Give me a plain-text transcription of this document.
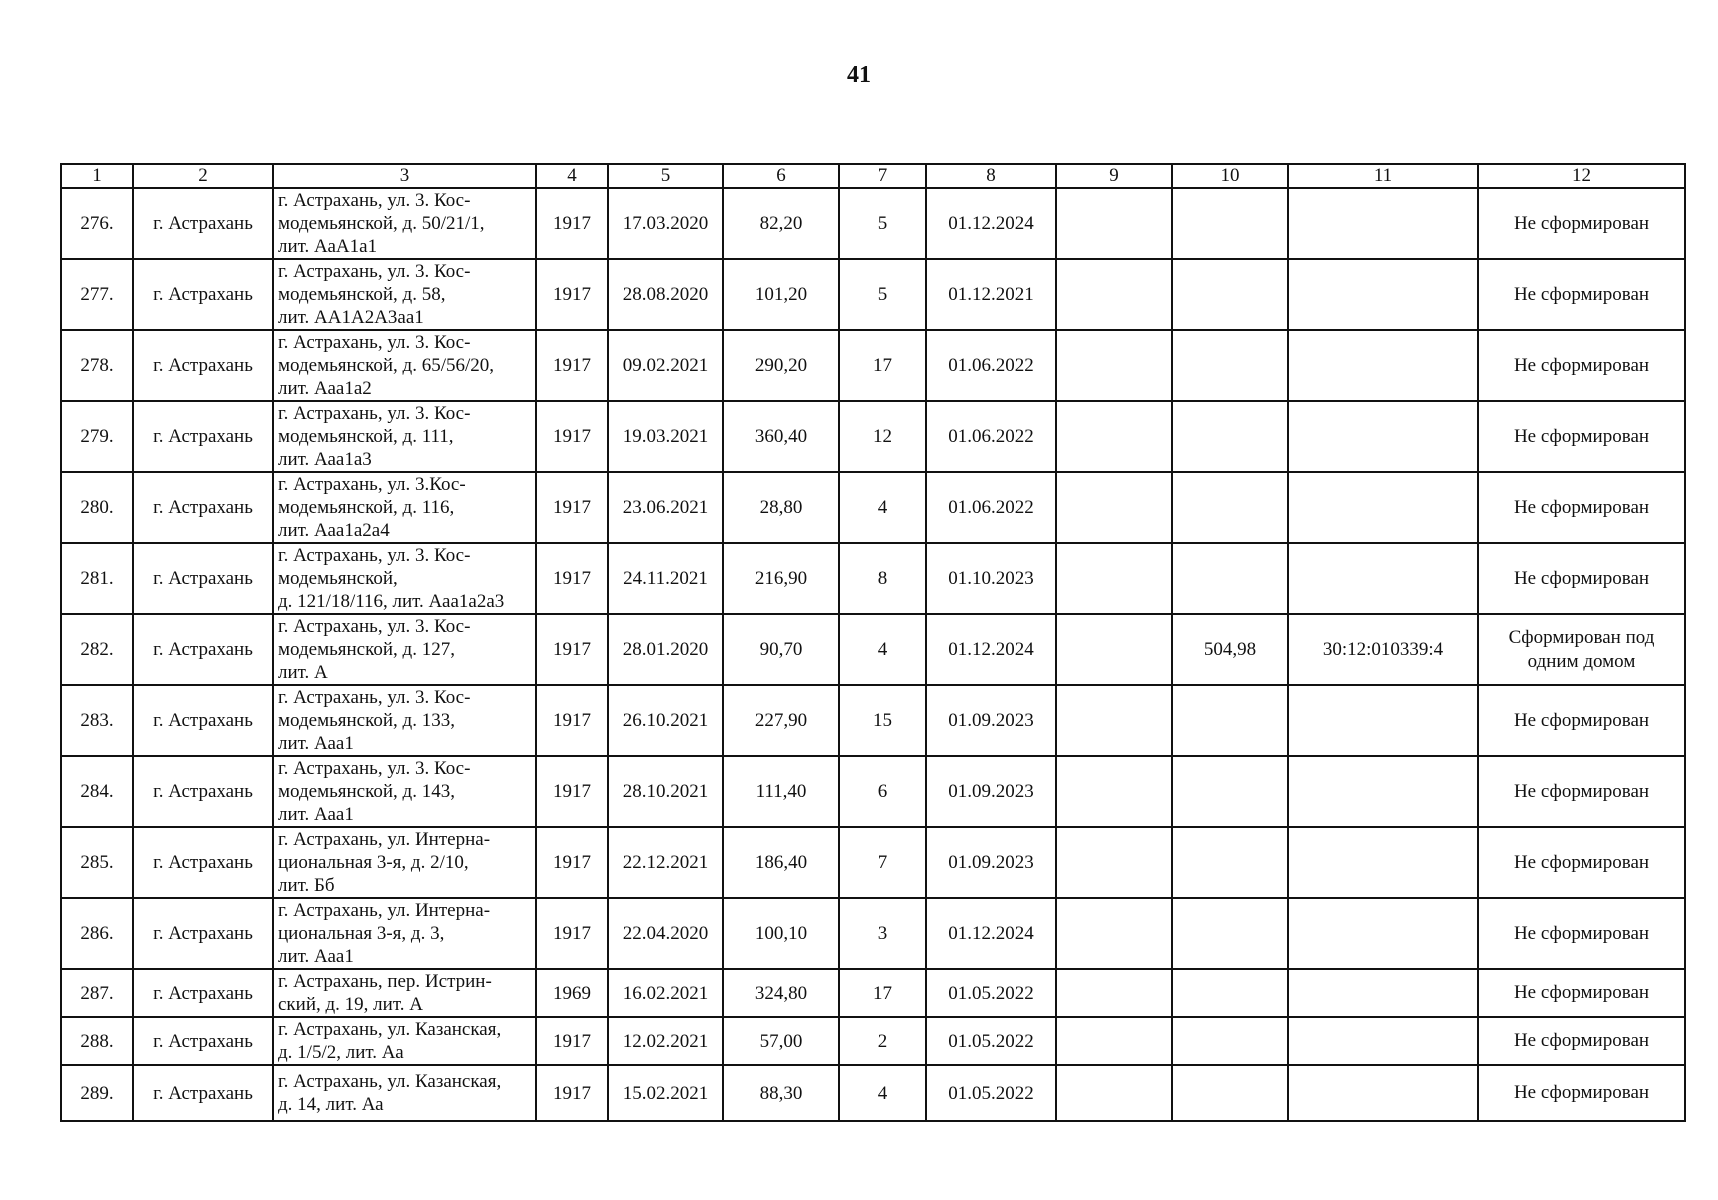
41
1	2	3	4	5	6	7	8	9	10	11	12
276.	г. Астрахань	г. Астрахань, ул. 3. Кос-
модемьянской, д. 50/21/1,
лит. АаА1а1	1917	17.03.2020	82,20	5	01.12.2024				Не сформирован
277.	г. Астрахань	г. Астрахань, ул. 3. Кос-
модемьянской, д. 58,
лит. АА1А2А3аа1	1917	28.08.2020	101,20	5	01.12.2021				Не сформирован
278.	г. Астрахань	г. Астрахань, ул. 3. Кос-
модемьянской, д. 65/56/20,
лит. Ааа1а2	1917	09.02.2021	290,20	17	01.06.2022				Не сформирован
279.	г. Астрахань	г. Астрахань, ул. 3. Кос-
модемьянской, д. 111,
лит. Ааа1а3	1917	19.03.2021	360,40	12	01.06.2022				Не сформирован
280.	г. Астрахань	г. Астрахань, ул. 3.Кос-
модемьянской, д. 116,
лит. Ааа1а2а4	1917	23.06.2021	28,80	4	01.06.2022				Не сформирован
281.	г. Астрахань	г. Астрахань, ул. 3. Кос-
модемьянской,
д. 121/18/116, лит. Ааа1а2а3	1917	24.11.2021	216,90	8	01.10.2023				Не сформирован
282.	г. Астрахань	г. Астрахань, ул. 3. Кос-
модемьянской, д. 127,
лит. А	1917	28.01.2020	90,70	4	01.12.2024		504,98	30:12:010339:4	Сформирован под
одним домом
283.	г. Астрахань	г. Астрахань, ул. 3. Кос-
модемьянской, д. 133,
лит. Ааа1	1917	26.10.2021	227,90	15	01.09.2023				Не сформирован
284.	г. Астрахань	г. Астрахань, ул. 3. Кос-
модемьянской, д. 143,
лит. Ааа1	1917	28.10.2021	111,40	6	01.09.2023				Не сформирован
285.	г. Астрахань	г. Астрахань, ул. Интерна-
циональная 3-я, д. 2/10,
лит. Бб	1917	22.12.2021	186,40	7	01.09.2023				Не сформирован
286.	г. Астрахань	г. Астрахань, ул. Интерна-
циональная 3-я, д. 3,
лит. Ааа1	1917	22.04.2020	100,10	3	01.12.2024				Не сформирован
287.	г. Астрахань	г. Астрахань, пер. Истрин-
ский, д. 19, лит. А	1969	16.02.2021	324,80	17	01.05.2022				Не сформирован
288.	г. Астрахань	г. Астрахань, ул. Казанская,
д. 1/5/2, лит. Аа	1917	12.02.2021	57,00	2	01.05.2022				Не сформирован
289.	г. Астрахань	г. Астрахань, ул. Казанская,
д. 14, лит. Аа	1917	15.02.2021	88,30	4	01.05.2022				Не сформирован
